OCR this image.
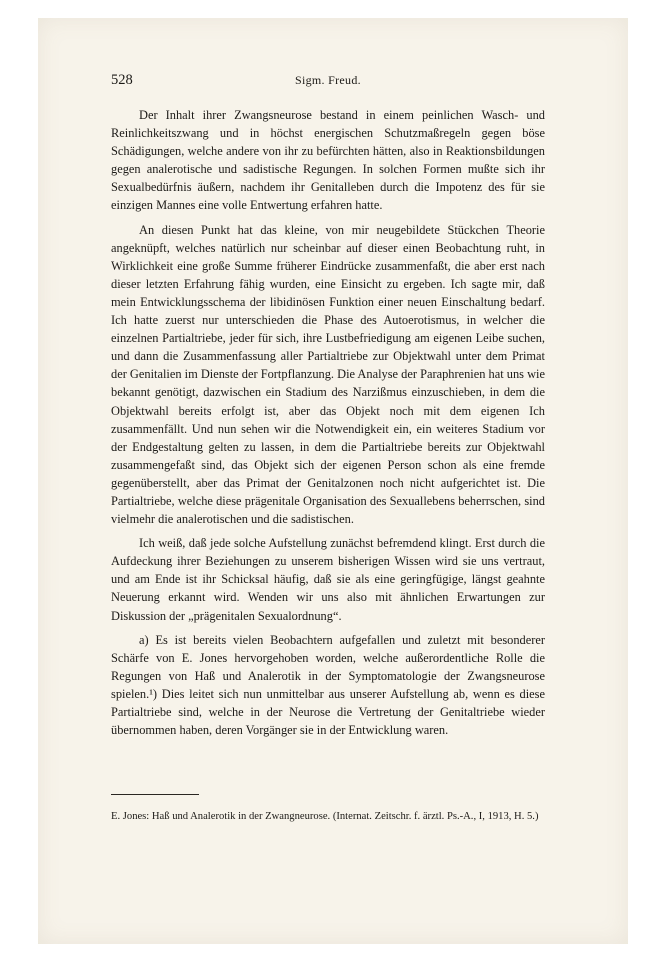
528	Sigm. Freud.

Der Inhalt ihrer Zwangsneurose bestand in einem peinlichen Wasch- und Reinlichkeitszwang und in höchst energischen Schutzmaßregeln gegen böse Schädigungen, welche andere von ihr zu befürchten hätten, also in Reaktionsbildungen gegen analerotische und sadistische Regungen. In solchen Formen mußte sich ihr Sexualbedürfnis äußern, nachdem ihr Genitalleben durch die Impotenz des für sie einzigen Mannes eine volle Entwertung erfahren hatte.

An diesen Punkt hat das kleine, von mir neugebildete Stückchen Theorie angeknüpft, welches natürlich nur scheinbar auf dieser einen Beobachtung ruht, in Wirklichkeit eine große Summe früherer Eindrücke zusammenfaßt, die aber erst nach dieser letzten Erfahrung fähig wurden, eine Einsicht zu ergeben. Ich sagte mir, daß mein Entwicklungsschema der libidinösen Funktion einer neuen Einschaltung bedarf. Ich hatte zuerst nur unterschieden die Phase des Autoerotismus, in welcher die einzelnen Partialtriebe, jeder für sich, ihre Lustbefriedigung am eigenen Leibe suchen, und dann die Zusammenfassung aller Partialtriebe zur Objektwahl unter dem Primat der Genitalien im Dienste der Fortpflanzung. Die Analyse der Paraphrenien hat uns wie bekannt genötigt, dazwischen ein Stadium des Narzißmus einzuschieben, in dem die Objektwahl bereits erfolgt ist, aber das Objekt noch mit dem eigenen Ich zusammenfällt. Und nun sehen wir die Notwendigkeit ein, ein weiteres Stadium vor der Endgestaltung gelten zu lassen, in dem die Partialtriebe bereits zur Objektwahl zusammengefaßt sind, das Objekt sich der eigenen Person schon als eine fremde gegenüberstellt, aber das Primat der Genitalzonen noch nicht aufgerichtet ist. Die Partialtriebe, welche diese prägenitale Organisation des Sexuallebens beherrschen, sind vielmehr die analerotischen und die sadistischen.

Ich weiß, daß jede solche Aufstellung zunächst befremdend klingt. Erst durch die Aufdeckung ihrer Beziehungen zu unserem bisherigen Wissen wird sie uns vertraut, und am Ende ist ihr Schicksal häufig, daß sie als eine geringfügige, längst geahnte Neuerung erkannt wird. Wenden wir uns also mit ähnlichen Erwartungen zur Diskussion der „prägenitalen Sexualordnung“.

a) Es ist bereits vielen Beobachtern aufgefallen und zuletzt mit besonderer Schärfe von E. Jones hervorgehoben worden, welche außerordentliche Rolle die Regungen von Haß und Analerotik in der Symptomatologie der Zwangsneurose spielen.¹) Dies leitet sich nun unmittelbar aus unserer Aufstellung ab, wenn es diese Partialtriebe sind, welche in der Neurose die Vertretung der Genitaltriebe wieder übernommen haben, deren Vorgänger sie in der Entwicklung waren.

E. Jones: Haß und Analerotik in der Zwangneurose. (Internat. Zeitschr. f. ärztl. Ps.-A., I, 1913, H. 5.)
